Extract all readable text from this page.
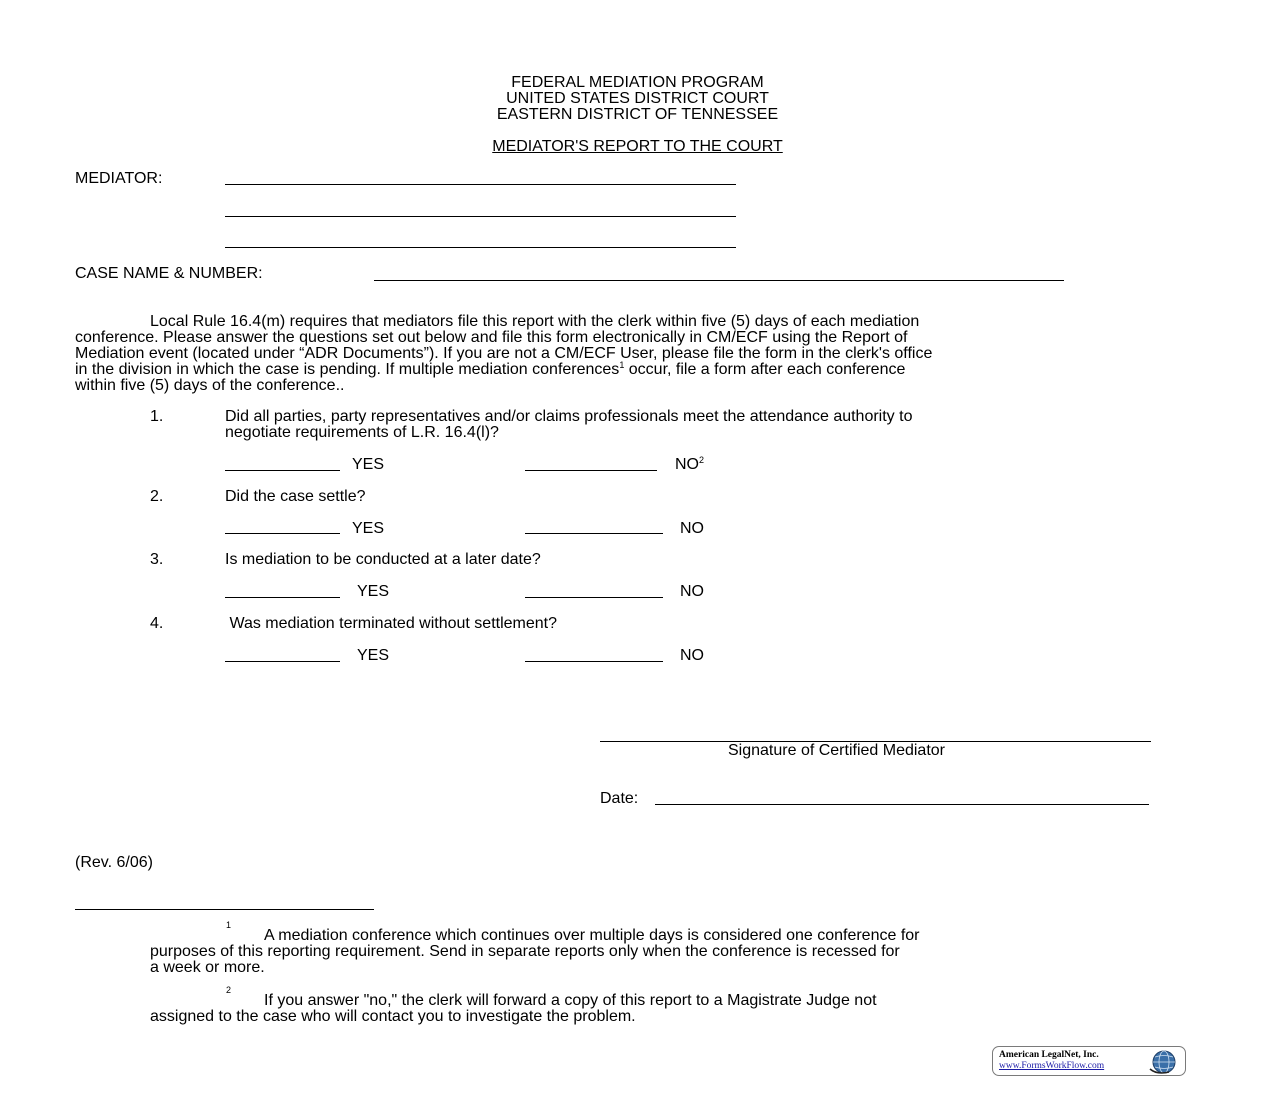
FEDERAL MEDIATION PROGRAM
UNITED STATES DISTRICT COURT
EASTERN DISTRICT OF TENNESSEE
MEDIATOR'S REPORT TO THE COURT
MEDIATOR:
CASE NAME & NUMBER:
Local Rule 16.4(m) requires that mediators file this report with the clerk within five (5) days of each mediation
conference. Please answer the questions set out below and file this form electronically in CM/ECF using the Report of
Mediation event (located under “ADR Documents”). If you are not a CM/ECF User, please file the form in the clerk's office
in the division in which the case is pending. If multiple mediation conferences$^1$ occur, file a form after each conference
within five (5) days of the conference..
1.	Did all parties, party representatives and/or claims professionals meet the attendance authority to
negotiate requirements of L.R. 16.4(l)?
YES	$NO^2$
2.	Did the case settle?
YES	NO
3.	Is mediation to be conducted at a later date?
YES	NO
4.	Was mediation terminated without settlement?
YES	NO
Signature of Certified Mediator
Date:
(Rev. 6/06)
1
A mediation conference which continues over multiple days is considered one conference for
purposes of this reporting requirement. Send in separate reports only when the conference is recessed for
a week or more.
2
If you answer "no," the clerk will forward a copy of this report to a Magistrate Judge not
assigned to the case who will contact you to investigate the problem.
American LegalNet, Inc.
www.FormsWorkFlow.com
